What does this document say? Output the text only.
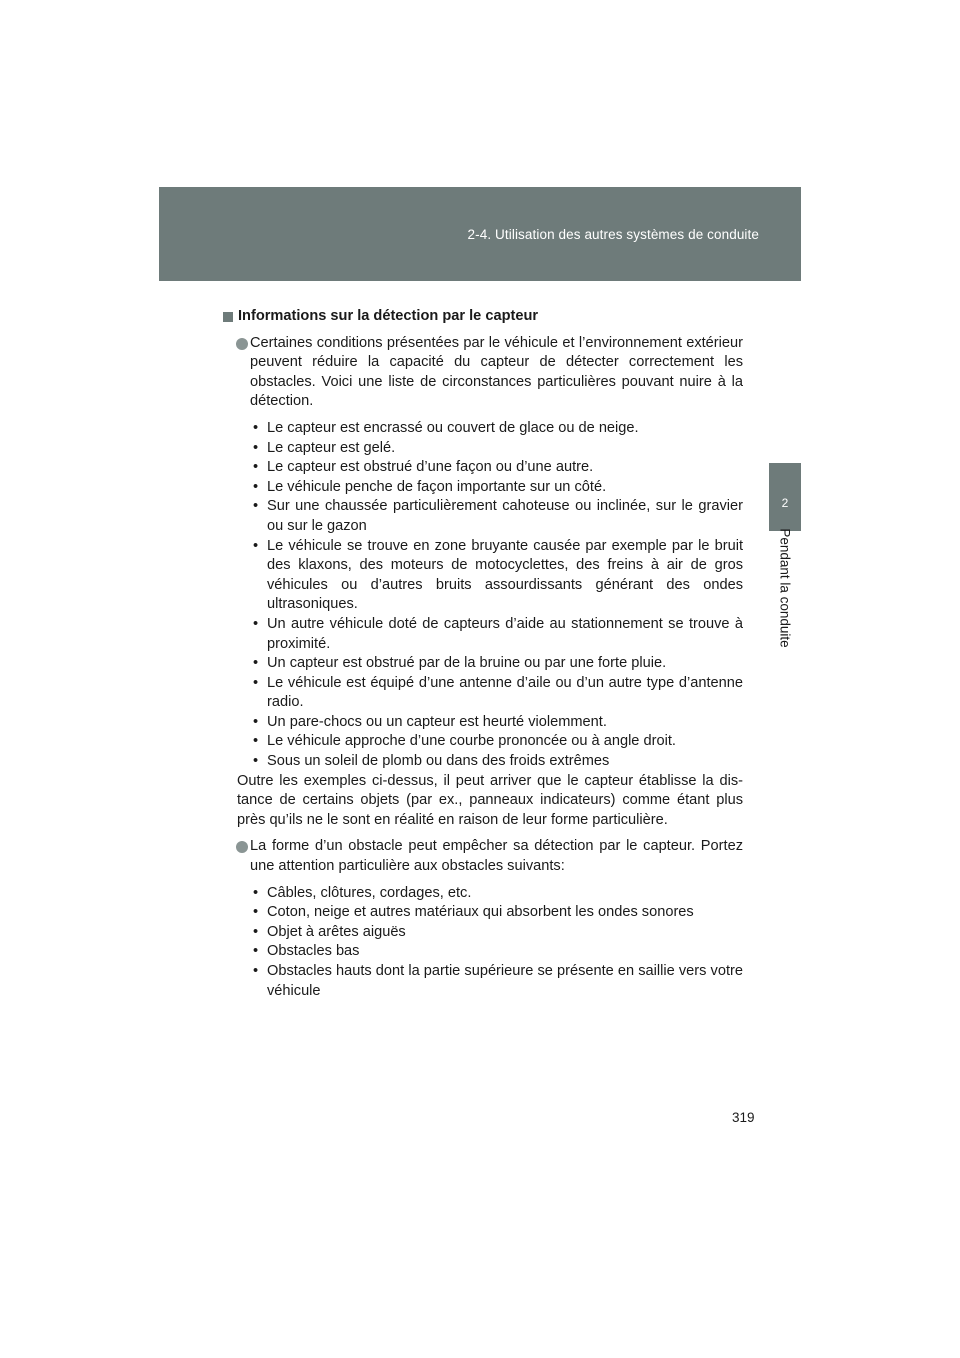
2-4. Utilisation des autres systèmes de conduite
2
Pendant la conduite
Informations sur la détection par le capteur
Certaines conditions présentées par le véhicule et l’environnement extérieur peuvent réduire la capacité du capteur de détecter correctement les obstacles. Voici une liste de circonstances particulières pouvant nuire à la détection.
• Le capteur est encrassé ou couvert de glace ou de neige.
• Le capteur est gelé.
• Le capteur est obstrué d’une façon ou d’une autre.
• Le véhicule penche de façon importante sur un côté.
• Sur une chaussée particulièrement cahoteuse ou inclinée, sur le gravier ou sur le gazon
• Le véhicule se trouve en zone bruyante causée par exemple par le bruit des klaxons, des moteurs de motocyclettes, des freins à air de gros véhicules ou d’autres bruits assourdissants générant des ondes ultrasoniques.
• Un autre véhicule doté de capteurs d’aide au stationnement se trouve à proximité.
• Un capteur est obstrué par de la bruine ou par une forte pluie.
• Le véhicule est équipé d’une antenne d’aile ou d’un autre type d’antenne radio.
• Un pare-chocs ou un capteur est heurté violemment.
• Le véhicule approche d’une courbe prononcée ou à angle droit.
• Sous un soleil de plomb ou dans des froids extrêmes
Outre les exemples ci-dessus, il peut arriver que le capteur établisse la distance de certains objets (par ex., panneaux indicateurs) comme étant plus près qu’ils ne le sont en réalité en raison de leur forme particulière.
La forme d’un obstacle peut empêcher sa détection par le capteur. Portez une attention particulière aux obstacles suivants:
• Câbles, clôtures, cordages, etc.
• Coton, neige et autres matériaux qui absorbent les ondes sonores
• Objet à arêtes aiguës
• Obstacles bas
• Obstacles hauts dont la partie supérieure se présente en saillie vers votre véhicule
319
